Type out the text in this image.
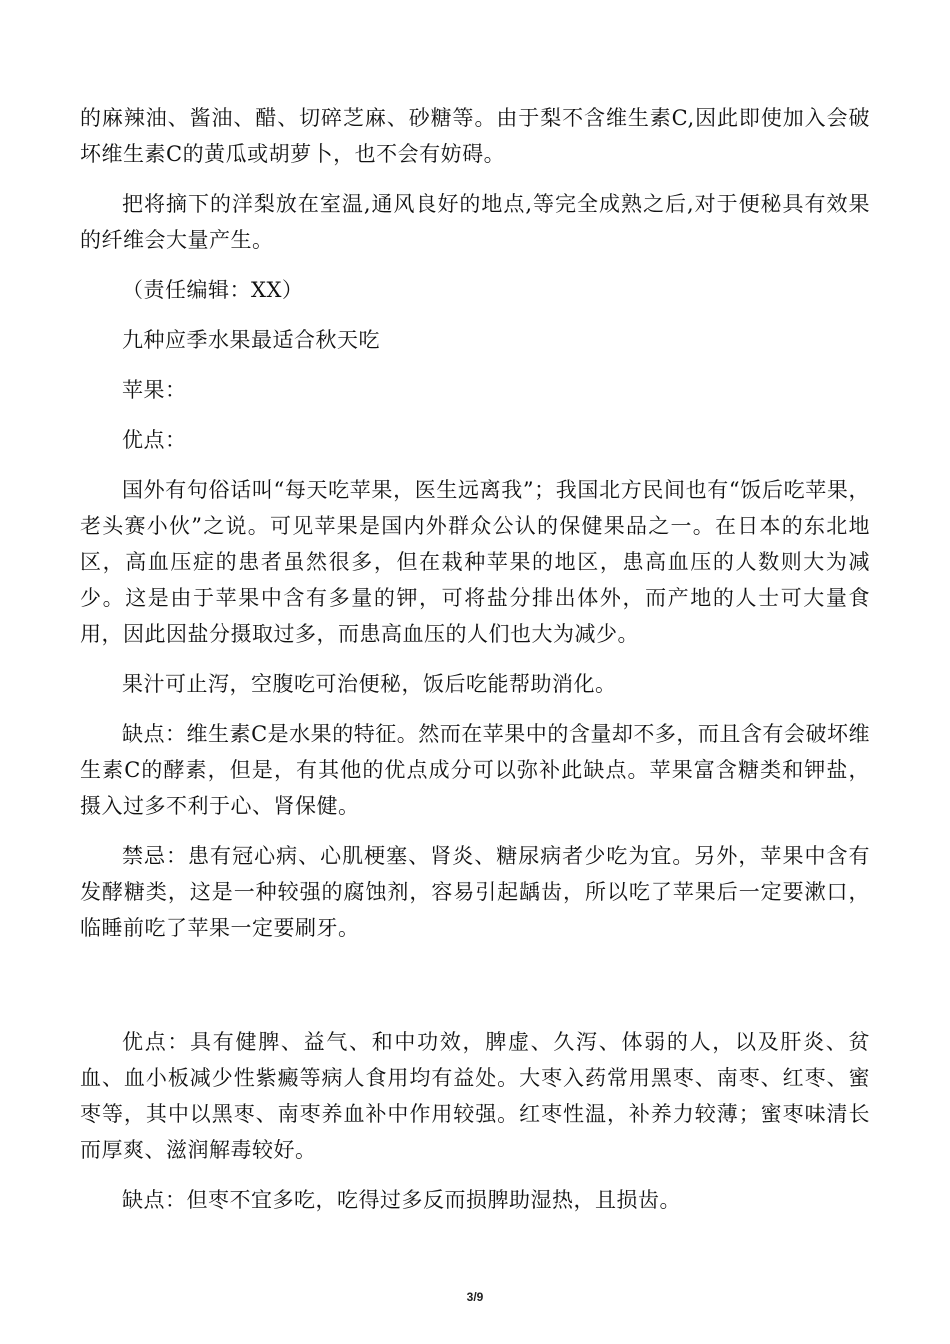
的麻辣油、酱油、醋、切碎芝麻、砂糖等。由于梨不含维生素C,因此即使加入会破坏维生素C的黄瓜或胡萝卜，也不会有妨碍。

把将摘下的洋梨放在室温,通风良好的地点,等完全成熟之后,对于便秘具有效果的纤维会大量产生。

（责任编辑：XX）

九种应季水果最适合秋天吃

苹果：

优点：

国外有句俗话叫“每天吃苹果，医生远离我”；我国北方民间也有“饭后吃苹果，老头赛小伙”之说。可见苹果是国内外群众公认的保健果品之一。在日本的东北地区，高血压症的患者虽然很多，但在栽种苹果的地区，患高血压的人数则大为减少。这是由于苹果中含有多量的钾，可将盐分排出体外，而产地的人士可大量食用，因此因盐分摄取过多，而患高血压的人们也大为减少。

果汁可止泻，空腹吃可治便秘，饭后吃能帮助消化。

缺点：维生素C是水果的特征。然而在苹果中的含量却不多，而且含有会破坏维生素C的酵素，但是，有其他的优点成分可以弥补此缺点。苹果富含糖类和钾盐，摄入过多不利于心、肾保健。

禁忌：患有冠心病、心肌梗塞、肾炎、糖尿病者少吃为宜。另外，苹果中含有发酵糖类，这是一种较强的腐蚀剂，容易引起龋齿，所以吃了苹果后一定要漱口，临睡前吃了苹果一定要刷牙。

优点：具有健脾、益气、和中功效，脾虚、久泻、体弱的人，以及肝炎、贫血、血小板减少性紫癜等病人食用均有益处。大枣入药常用黑枣、南枣、红枣、蜜枣等，其中以黑枣、南枣养血补中作用较强。红枣性温，补养力较薄；蜜枣味清长而厚爽、滋润解毒较好。

缺点：但枣不宜多吃，吃得过多反而损脾助湿热，且损齿。

3/9
